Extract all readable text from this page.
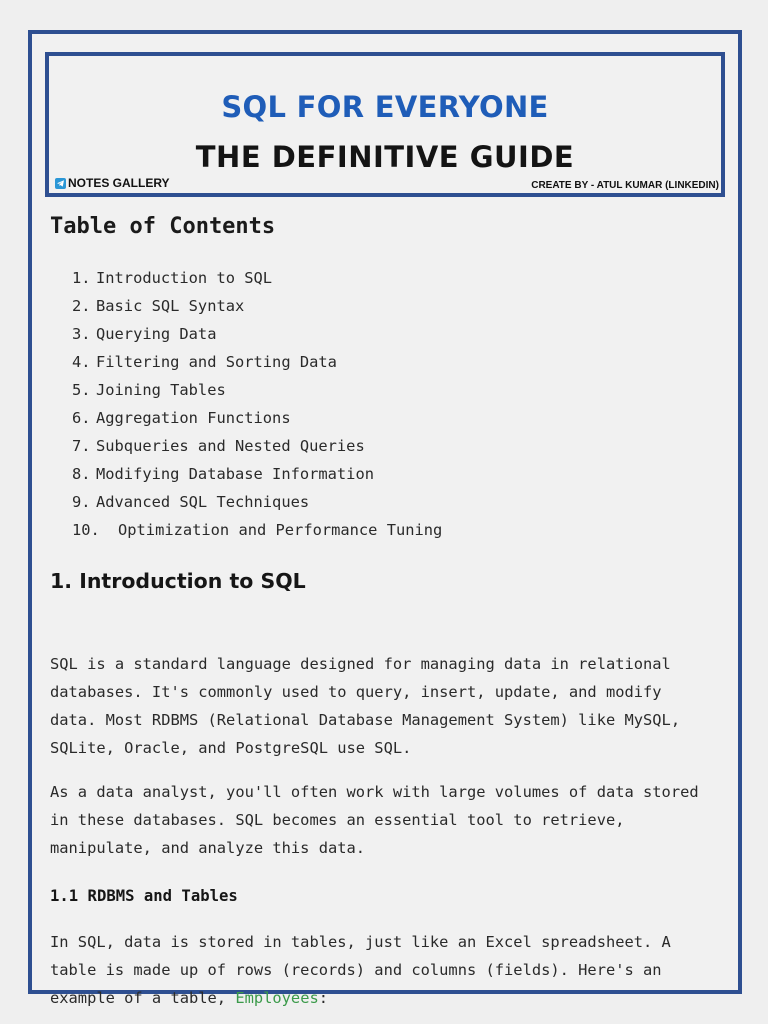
SQL FOR EVERYONE
THE DEFINITIVE GUIDE
NOTES GALLERY	CREATE BY - ATUL KUMAR (LINKEDIN)
Table of Contents
1. Introduction to SQL
2. Basic SQL Syntax
3. Querying Data
4. Filtering and Sorting Data
5. Joining Tables
6. Aggregation Functions
7. Subqueries and Nested Queries
8. Modifying Database Information
9. Advanced SQL Techniques
10. Optimization and Performance Tuning
1. Introduction to SQL

SQL is a standard language designed for managing data in relational
databases. It's commonly used to query, insert, update, and modify
data. Most RDBMS (Relational Database Management System) like MySQL,
SQLite, Oracle, and PostgreSQL use SQL.

As a data analyst, you'll often work with large volumes of data stored
in these databases. SQL becomes an essential tool to retrieve,
manipulate, and analyze this data.

1.1 RDBMS and Tables

In SQL, data is stored in tables, just like an Excel spreadsheet. A
table is made up of rows (records) and columns (fields). Here's an
example of a table, Employees:
